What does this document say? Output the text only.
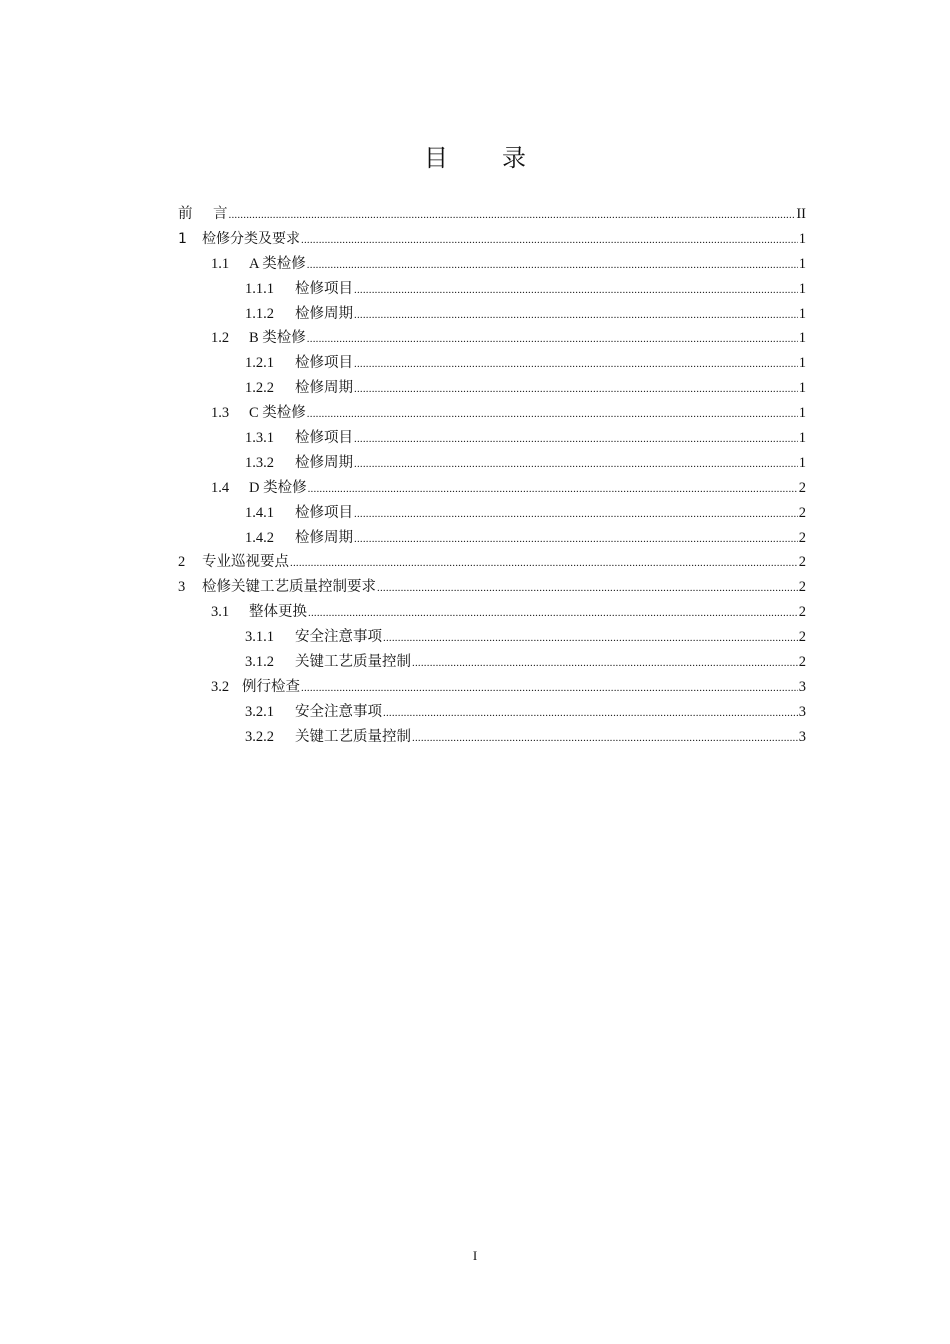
目 录
前 言 .....	II
1	检修分类及要求 .....	1
1.1	A 类检修 .....	1
1.1.1	检修项目 .....	1
1.1.2	检修周期 .....	1
1.2	B 类检修 .....	1
1.2.1	检修项目 .....	1
1.2.2	检修周期 .....	1
1.3	C 类检修 .....	1
1.3.1	检修项目 .....	1
1.3.2	检修周期 .....	1
1.4	D 类检修 .....	2
1.4.1	检修项目 .....	2
1.4.2	检修周期 .....	2
2	专业巡视要点 .....	2
3	检修关键工艺质量控制要求 .....	2
3.1	整体更换 .....	2
3.1.1	安全注意事项 .....	2
3.1.2	关键工艺质量控制 .....	2
3.2 例行检查 .....	3
3.2.1	安全注意事项 .....	3
3.2.2	关键工艺质量控制 .....	3
I
